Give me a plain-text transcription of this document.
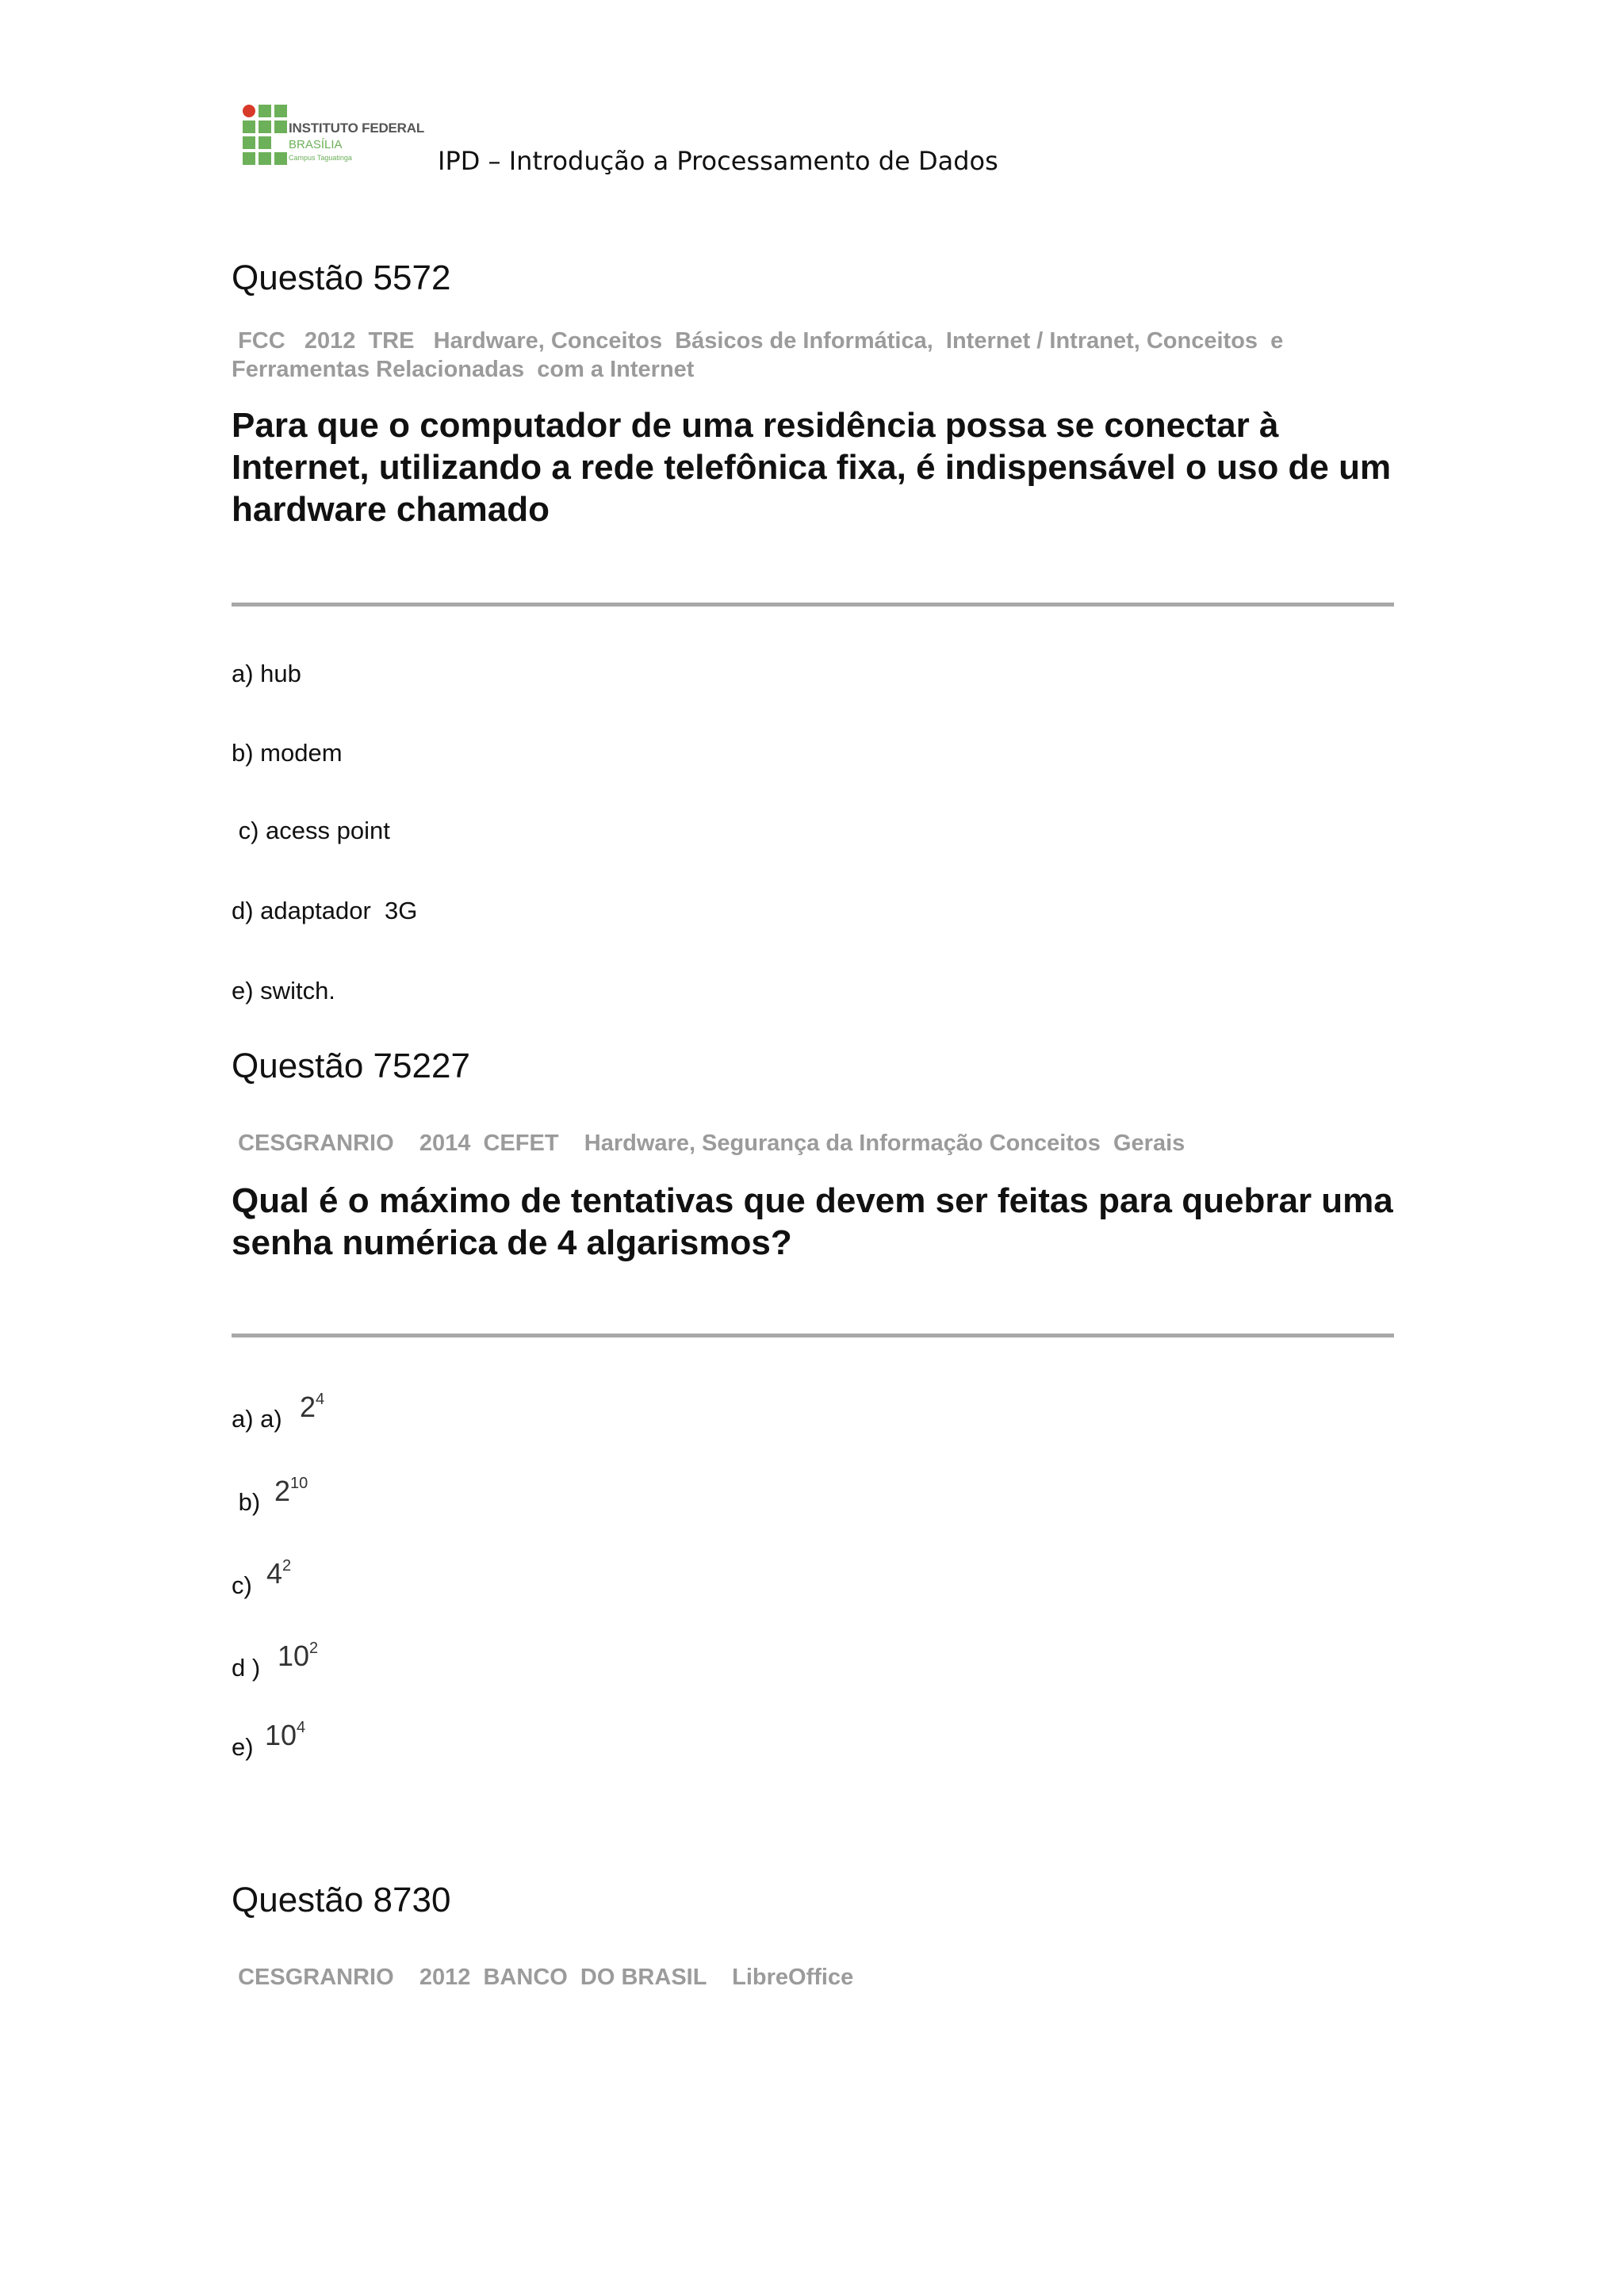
INSTITUTO FEDERAL
BRASÍLIA
Campus Taguatinga	IPD – Introdução a Processamento de Dados

Questão 5572

FCC   2012  TRE   Hardware, Conceitos  Básicos de Informática,  Internet / Intranet, Conceitos  e Ferramentas Relacionadas  com a Internet

Para que o computador de uma residência possa se conectar à Internet, utilizando a rede telefônica fixa, é indispensável o uso de um hardware chamado

a) hub

b) modem

c) acess point

d) adaptador  3G

e) switch.

Questão 75227

CESGRANRIO    2014  CEFET    Hardware, Segurança da Informação Conceitos  Gerais

Qual é o máximo de tentativas que devem ser feitas para quebrar uma senha numérica de 4 algarismos?

a) a) $2^4$

b) $2^{10}$

c) $4^2$

d ) $10^2$

e) $10^4$
Questão 8730

CESGRANRIO    2012  BANCO  DO BRASIL    LibreOffice
